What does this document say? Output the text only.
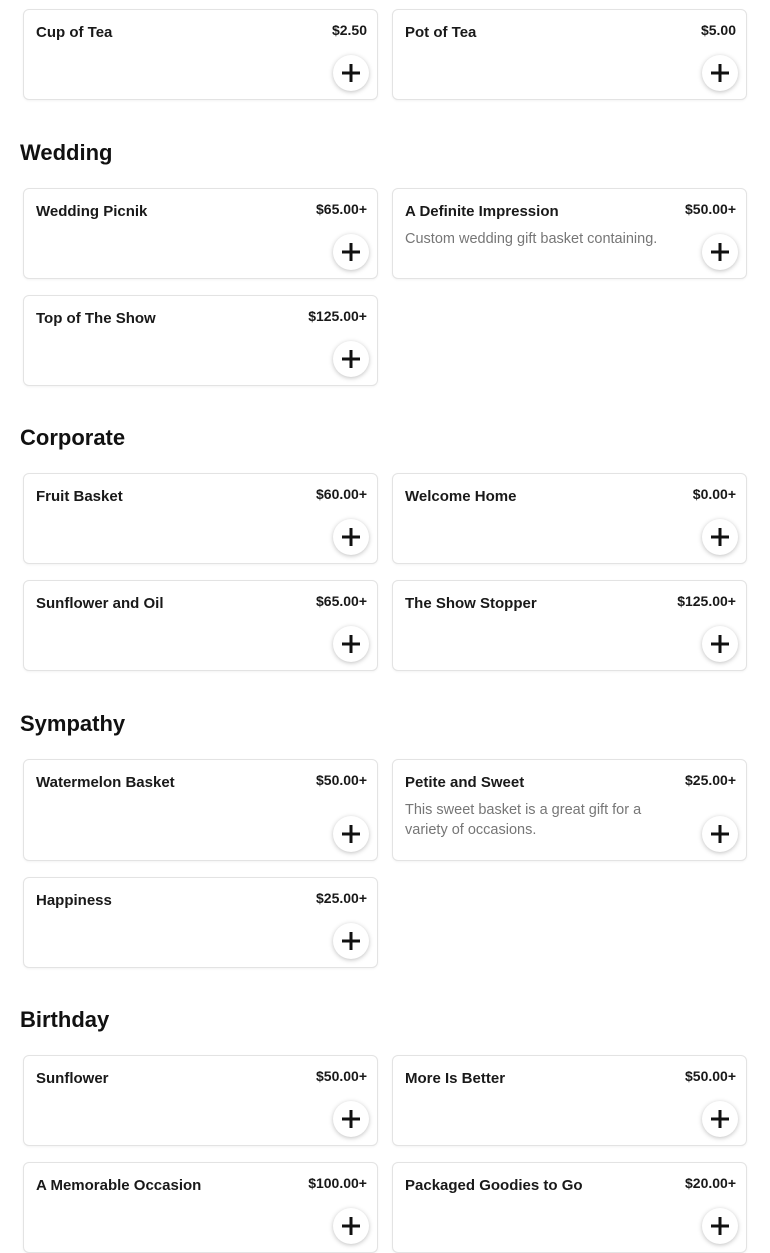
Cup of Tea	$2.50	Pot of Tea	$5.00
Wedding
Wedding Picnik	$65.00+	A Definite Impression	$50.00+
Custom wedding gift basket containing.
Top of The Show	$125.00+
Corporate
Fruit Basket	$60.00+	Welcome Home	$0.00+
Sunflower and Oil	$65.00+	The Show Stopper	$125.00+
Sympathy
Watermelon Basket	$50.00+	Petite and Sweet	$25.00+
This sweet basket is a great gift for a variety of occasions.
Happiness	$25.00+
Birthday
Sunflower	$50.00+	More Is Better	$50.00+
A Memorable Occasion	$100.00+	Packaged Goodies to Go	$20.00+
